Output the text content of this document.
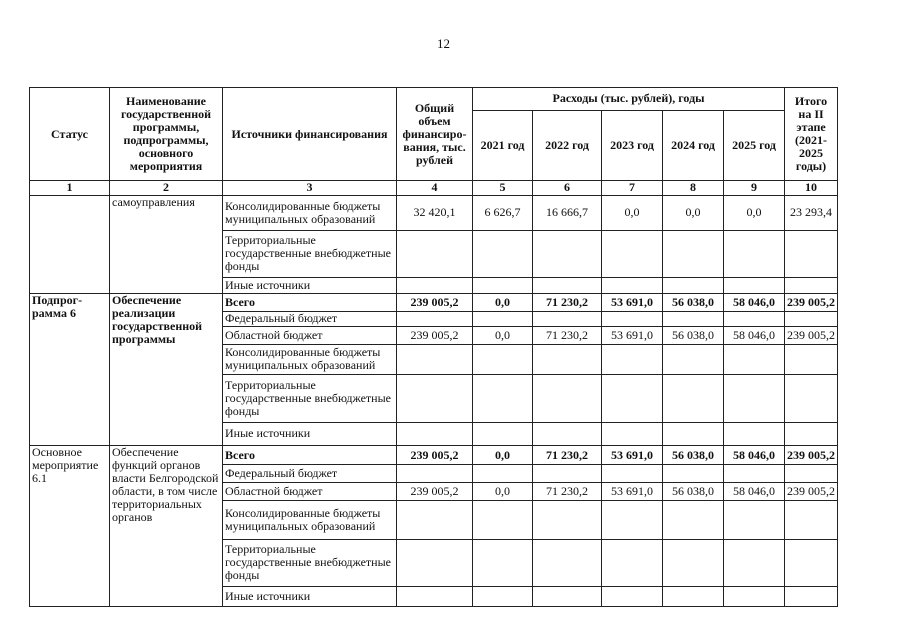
12
Статус	Наименование государственной программы, подпрограммы, основного мероприятия	Источники финансирования	Общий объем финансиро-вания, тыс. рублей	Расходы (тыс. рублей), годы					Итого на II этапе (2021-2025 годы)
				2021 год	2022 год	2023 год	2024 год	2025 год	
1	2	3	4	5	6	7	8	9	10
	самоуправления	Консолидированные бюджеты муниципальных образований	32 420,1	6 626,7	16 666,7	0,0	0,0	0,0	23 293,4
		Территориальные государственные внебюджетные фонды							
		Иные источники							
Подпрог-рамма 6	Обеспечение реализации государственной программы	Всего	239 005,2	0,0	71 230,2	53 691,0	56 038,0	58 046,0	239 005,2
		Федеральный бюджет							
		Областной бюджет	239 005,2	0,0	71 230,2	53 691,0	56 038,0	58 046,0	239 005,2
		Консолидированные бюджеты муниципальных образований							
		Территориальные государственные внебюджетные фонды							
		Иные источники							
Основное мероприятие 6.1	Обеспечение функций органов власти Белгородской области, в том числе территориальных органов	Всего	239 005,2	0,0	71 230,2	53 691,0	56 038,0	58 046,0	239 005,2
		Федеральный бюджет							
		Областной бюджет	239 005,2	0,0	71 230,2	53 691,0	56 038,0	58 046,0	239 005,2
		Консолидированные бюджеты муниципальных образований							
		Территориальные государственные внебюджетные фонды							
		Иные источники							
